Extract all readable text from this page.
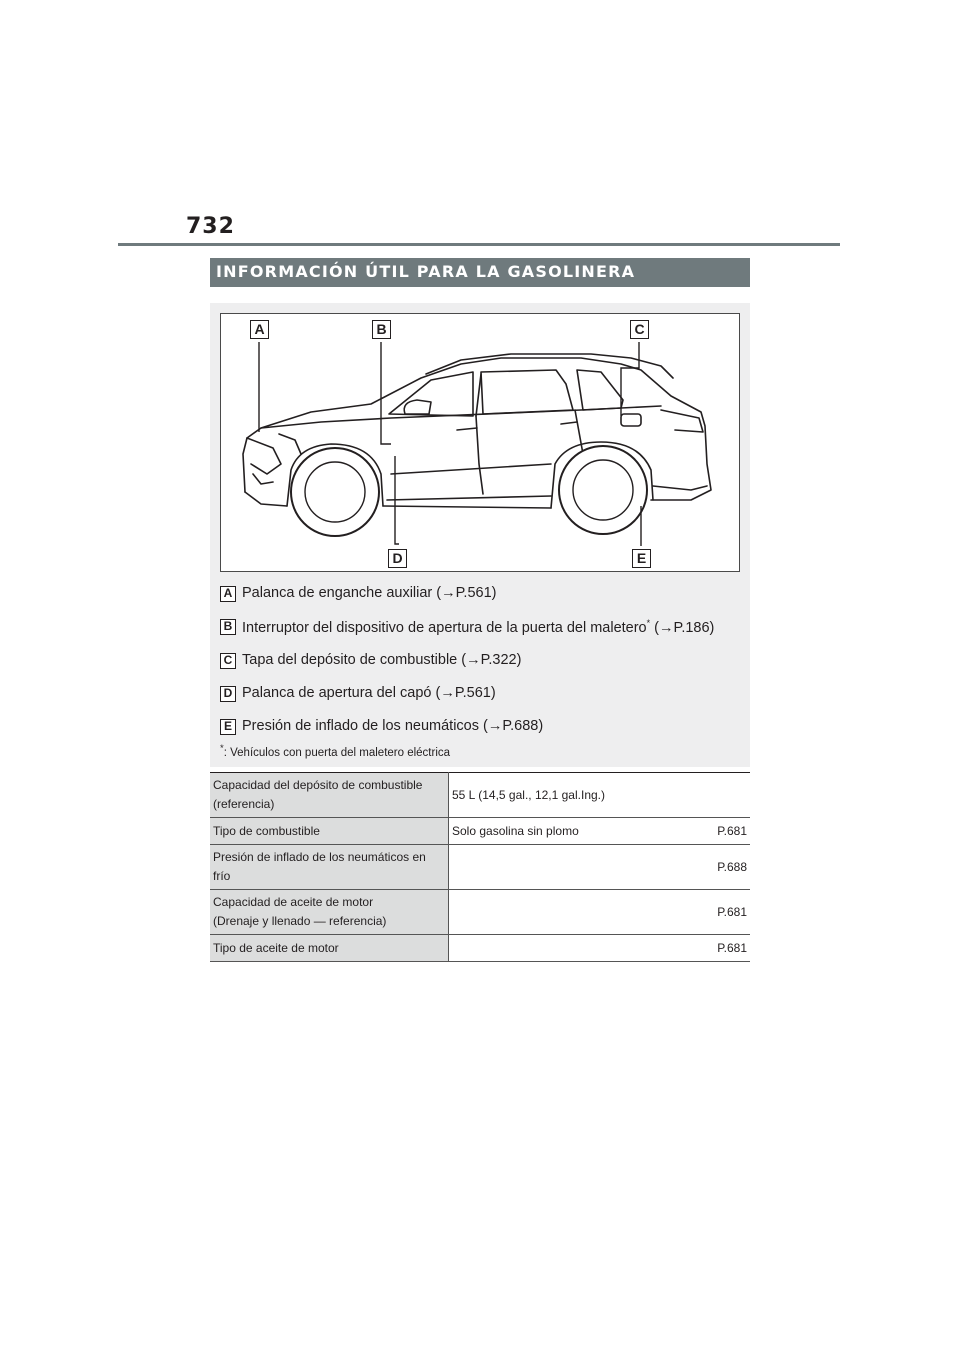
732
INFORMACIÓN ÚTIL PARA LA GASOLINERA
A	B	C
D	E
A Palanca de enganche auxiliar (→P.561)
B Interruptor del dispositivo de apertura de la puerta del maletero* (→P.186)
C Tapa del depósito de combustible (→P.322)
D Palanca de apertura del capó (→P.561)
E Presión de inflado de los neumáticos (→P.688)
*: Vehículos con puerta del maletero eléctrica
Capacidad del depósito de combustible
(referencia)	55 L (14,5 gal., 12,1 gal.Ing.)

Tipo de combustible	Solo gasolina sin plomo P.681

Presión de inflado de los neumáticos en
frío	P.688

Capacidad de aceite de motor
(Drenaje y llenado — referencia)	P.681

Tipo de aceite de motor	P.681
